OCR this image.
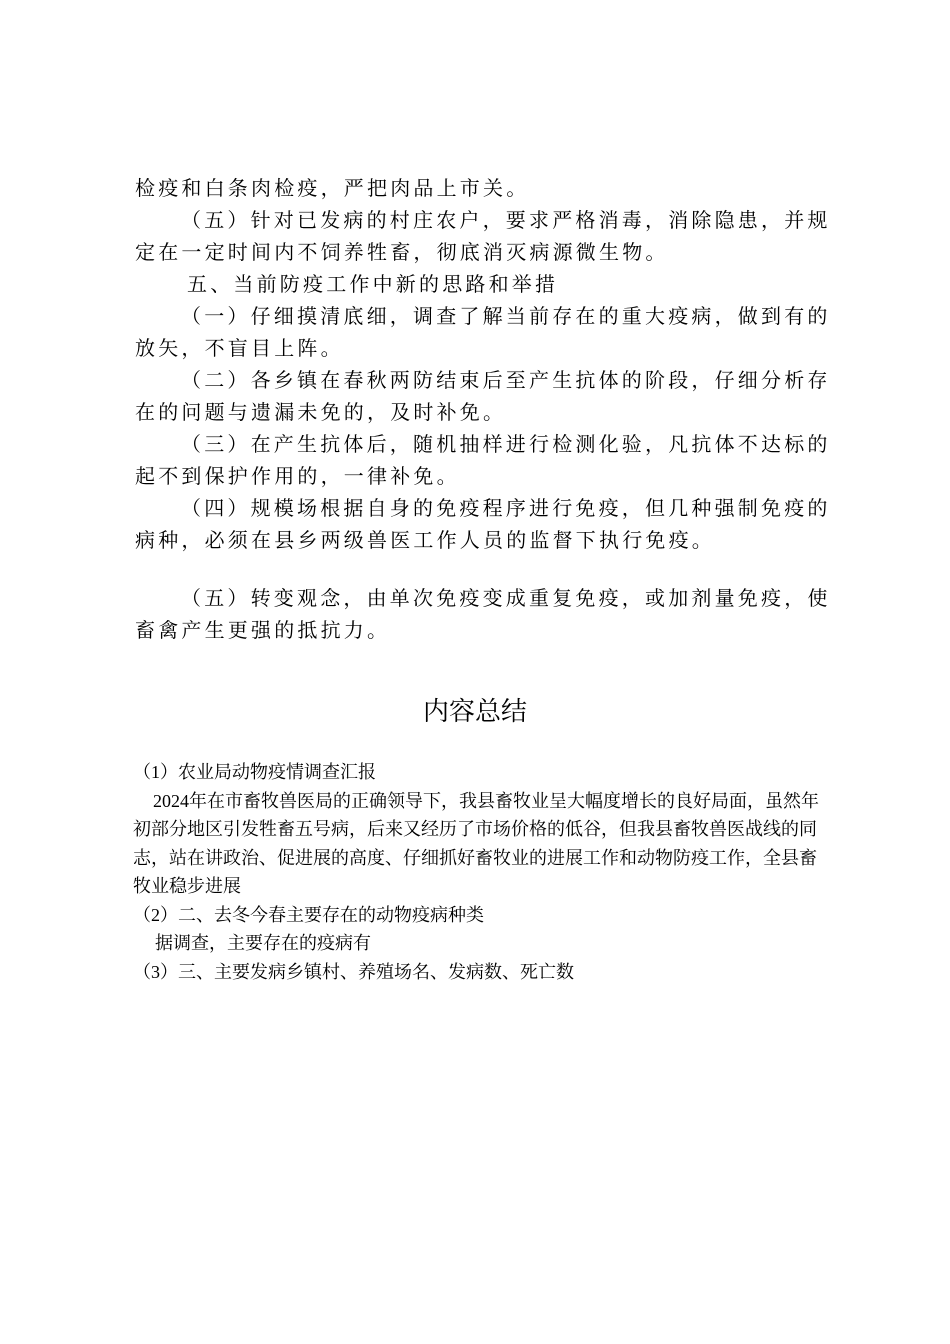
检疫和白条肉检疫，严把肉品上市关。

（五）针对已发病的村庄农户，要求严格消毒，消除隐患，并规定在一定时间内不饲养牲畜，彻底消灭病源微生物。

五、当前防疫工作中新的思路和举措

（一）仔细摸清底细，调查了解当前存在的重大疫病，做到有的放矢，不盲目上阵。

（二）各乡镇在春秋两防结束后至产生抗体的阶段，仔细分析存在的问题与遗漏未免的，及时补免。

（三）在产生抗体后，随机抽样进行检测化验，凡抗体不达标的起不到保护作用的，一律补免。

（四）规模场根据自身的免疫程序进行免疫，但几种强制免疫的病种，必须在县乡两级兽医工作人员的监督下执行免疫。

（五）转变观念，由单次免疫变成重复免疫，或加剂量免疫，使畜禽产生更强的抵抗力。

内容总结

（1）农业局动物疫情调查汇报

2024年在市畜牧兽医局的正确领导下，我县畜牧业呈大幅度增长的良好局面，虽然年初部分地区引发牲畜五号病，后来又经历了市场价格的低谷，但我县畜牧兽医战线的同志，站在讲政治、促进展的高度、仔细抓好畜牧业的进展工作和动物防疫工作，全县畜牧业稳步进展

（2）二、去冬今春主要存在的动物疫病种类

据调查，主要存在的疫病有

（3）三、主要发病乡镇村、养殖场名、发病数、死亡数
